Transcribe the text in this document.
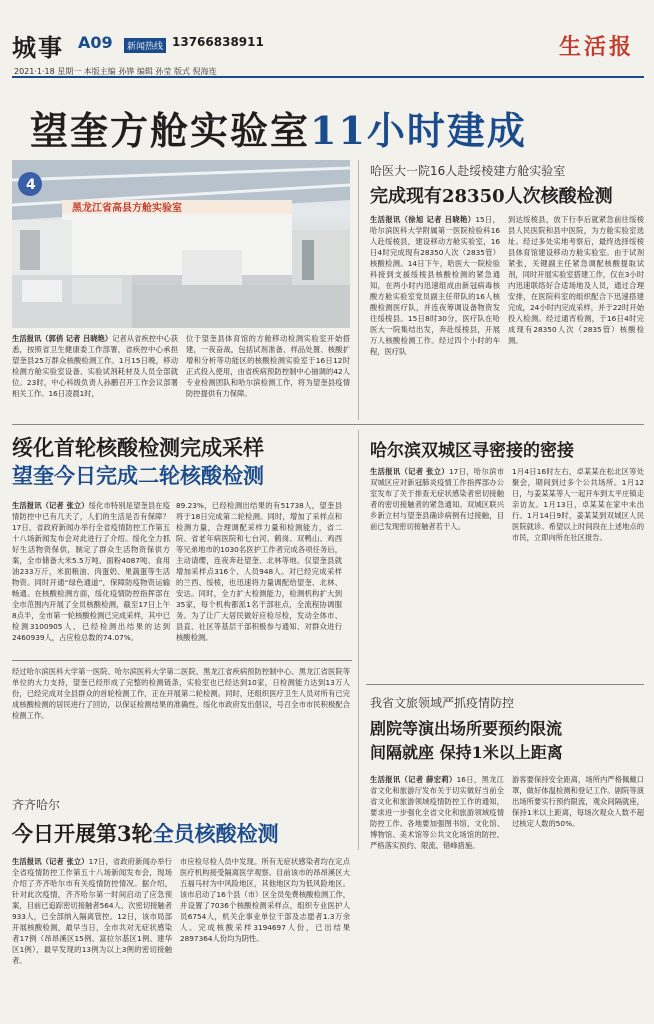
城事 A09	新闻热线 13766838911	生活报
2021·1·18 星期一 本版主编 孙铧 编辑 孙莹 版式 倪海连
望奎方舱实验室11小时建成
黑龙江省高县方舱实验室
4
生活报讯（郭俏 记者 吕晓艳）记者从省疾控中心获悉，按照省卫生健康委工作部署，省疾控中心承担望奎县25万群众核酸检测工作。1月15日晚，移动检测方舱实验室设备、实验试剂耗材及人员全部就位。23时，中心科级负责人孙鹏召开工作会议部署相关工作。16日凌晨1时，
位于望奎县体育馆的方舱移动检测实验室开始搭建，一夜奋战，包括试剂准备、样品处置、核酸扩增和分析等功能区的核酸检测实验室于16日12时正式投入使用，由省疾病预防控制中心抽调的42人专业检测团队和哈尔滨检测工作，将为望奎县疫情防控提供有力保障。
哈医大一院16人赴绥棱建方舱实验室
完成现有28350人次核酸检测
生活报讯（徐旭 记者 吕晓艳）15日，哈尔滨医科大学附属第一医院检验科16人赴绥棱县，建设移动方舱实验室，16日4时完成现有28350人次（2835管）核酸检测。14日下午，哈医大一院检验科接到支援绥棱县核酸检测的紧急通知，在两小时内迅速组成由新冠病毒核酸方舱实验室党员副主任带队的16人核酸检测医疗队，并连夜筹调设备物资发往绥棱县。15日8时30分，医疗队在哈医大一院集结出发，奔赴绥棱县，开展万人核酸检测工作。经过四个小时的车程，医疗队
到达绥棱县，放下行李后就紧急前往绥棱县人民医院和县中医院，为方舱实验室选址。经过多处实地考察后，最终选择绥棱县体育馆建设移动方舱实验室。由于试剂紧张，关键副主任紧急调配核酸提取试剂，同时开展实验室搭建工作，仅在3小时内迅速联络好合适场地及人员，通过合理安排，在医院科室的组织配合下迅速搭建完成，24小时内完成采样，并于22时开始投入检测。经过通宵检测，于16日4时完成现有28350人次（2835管）核酸检测。
绥化首轮核酸检测完成采样
望奎今日完成二轮核酸检测
生活报讯（记者 张立）绥化市特别是望奎县在疫情防控中已有几天了，人们的生活是否有保障？17日，省政府新闻办举行全省疫情防控工作第五十八场新闻发布会对此进行了介绍。绥化全力抓好生活物资保供，制定了群众生活物资保供方案，全市储备大米5.5万吨、面粉4087吨、食用油233万斤，米面粮油、肉蛋奶、果蔬蛋等生活物资。同时开通“绿色通道”，保障防疫物资运输畅通。在核酸检测方面，绥化疫情防控指挥部在全市范围内开展了全员核酸检测，截至17日上午8点半，全市第一轮核酸检测已完成采样，其中已检测3100905人，已经检测出结果的达到2460939人，占应检总数的74.07%。
89.23%，已经检测出结果的有51738人，望奎县将于18日完成第二轮检测。同时，增加了采样点和检测力量，合理调配采样力量和检测能力，省二院、省老年病医院和七台河、鹤岗、双鸭山、鸡西等兄弟地市的1030名医护工作者完成各项任务后，主动请缨，连夜奔赴望奎、北林等地。仅望奎县就增加采样点316个、人员948人。对已经完成采样的兰西、绥棱，也迅速将力量调配给望奎、北林、安达。同时，全力扩大检测能力，检测机构扩大到35家，每个机构都派1名干部驻点，全流程协调服务。为了让广大居民做好应检尽检，发动全体市、县直、社区等基层干部积极参与通知、对群众进行核酸检测。
哈尔滨双城区寻密接的密接
生活报讯（记者 张立）17日，哈尔滨市双城区应对新冠肺炎疫情工作指挥部办公室发布了关于排查无症状感染者密切接触者的密切接触者的紧急通知。双城区联兴乡新立村与望奎县确诊病例有过接触，目前已发现密切接触者若干人。
1月4日16时左右，卓某某在松北区等处聚会，期间到过多个公共场所。1月12日，与姜某某等人一起开车到太平庄镇走亲访友。1月13日，卓某某在家中未出行。1月14日9时，姜某某到双城区人民医院就诊。希望以上时间段在上述地点的市民，立即向所在社区报告。
我省文旅领域严抓疫情防控
剧院等演出场所要预约限流
间隔就座 保持1米以上距离
生活报讯（记者 薛宏莉）16日，黑龙江省文化和旅游厅发布关于切实做好当前全省文化和旅游领域疫情防控工作的通知，要求进一步强化全省文化和旅游领域疫情防控工作。各地要加强图书馆、文化馆、博物馆、美术馆等公共文化场馆的防控，严格落实预约、限流、错峰措施。
游客要保持安全距离，场所内严格佩戴口罩，做好体温检测和登记工作。剧院等演出场所要实行预约限流，观众间隔就座，保持1米以上距离，每场次观众人数不超过核定人数的50%。
齐齐哈尔
今日开展第3轮全员核酸检测
生活报讯（记者 张立）17日，省政府新闻办举行全省疫情防控工作第五十八场新闻发布会，现场介绍了齐齐哈尔市有关疫情防控情况。据介绍，针对此次疫情，齐齐哈尔第一时间启动了应急预案，目前已追踪密切接触者564人、次密切接触者933人，已全部纳入隔离管控。12日，该市局部开展核酸检测，最早当日，全市共对无症状感染者17例（昂昂溪区15例、富拉尔基区1例、建华区1例），最早发现的13例为以上3例的密切接触者。
市应检尽检人员中发现。所有无症状感染者均在定点医疗机构接受隔离医学观察。目前该市的昂昂溪区大五福马村为中风险地区，其他地区均为低风险地区。该市启动了16个县（市）区全员免费核酸检测工作，并设置了7036个核酸检测采样点，组织专业医护人员6754人，机关企事业单位干部及志愿者1.3万余人。完成核酸采样3194697人份，已出结果2897364人份均为阴性。
经过哈尔滨医科大学第一医院、哈尔滨医科大学第二医院、黑龙江省疾病预防控制中心、黑龙江省医院等单位的大力支持，望奎已经形成了完整的检测链条，实验室也已经达到10家，日检测能力达到13万人份，已经完成对全县群众的首轮检测工作，正在开展第二轮检测。同时，还组织医疗卫生人员对所有已完成核酸检测的居民进行了回访，以保证检测结果的准确性。绥化市政府发出倡议，号召全市市民积极配合检测工作。
